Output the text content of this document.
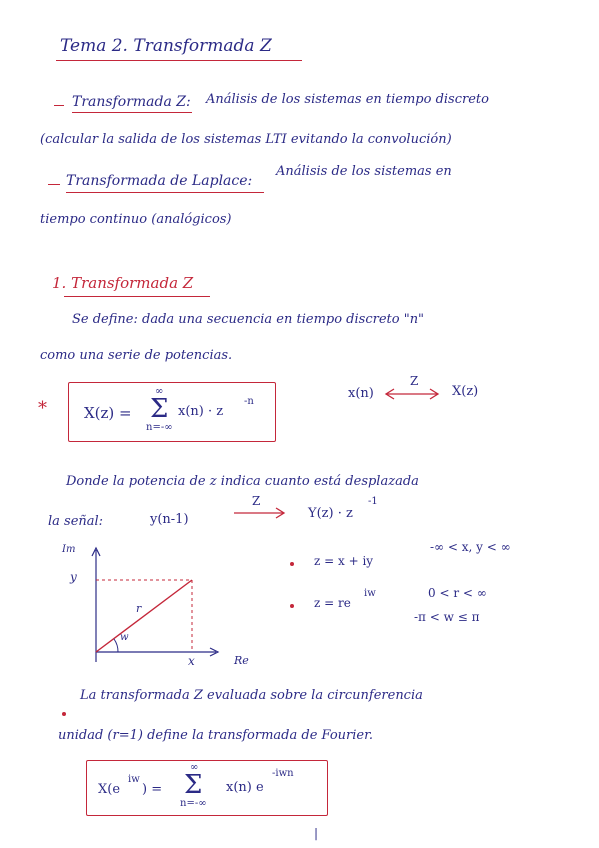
Tema 2. Transformada Z
Transformada Z: Análisis de los sistemas en tiempo discreto
(calcular la salida de los sistemas LTI evitando la convolución)
Transformada de Laplace:
Análisis de los sistemas en
tiempo continuo (analógicos)
1. Transformada Z
Se define: dada una secuencia en tiempo discreto "n"
como una serie de potencias.
* X(z) = Σ
∞
n=-∞
x(n) · z
-n
x(n)
Z
X(z)
Donde la potencia de z indica cuanto está desplazada
la señal:	y(n-1)
Z
Y(z) · z
-1
Im
y
x	Re
r
w
z = x + iy
-∞ < x, y < ∞
z = re
iw	0 < r < ∞
-π < w ≤ π
La transformada Z evaluada sobre la circunferencia
unidad (r=1) define la transformada de Fourier.
X(e
iw
) = Σ
∞
n=-∞
x(n) e
-iwn
|
